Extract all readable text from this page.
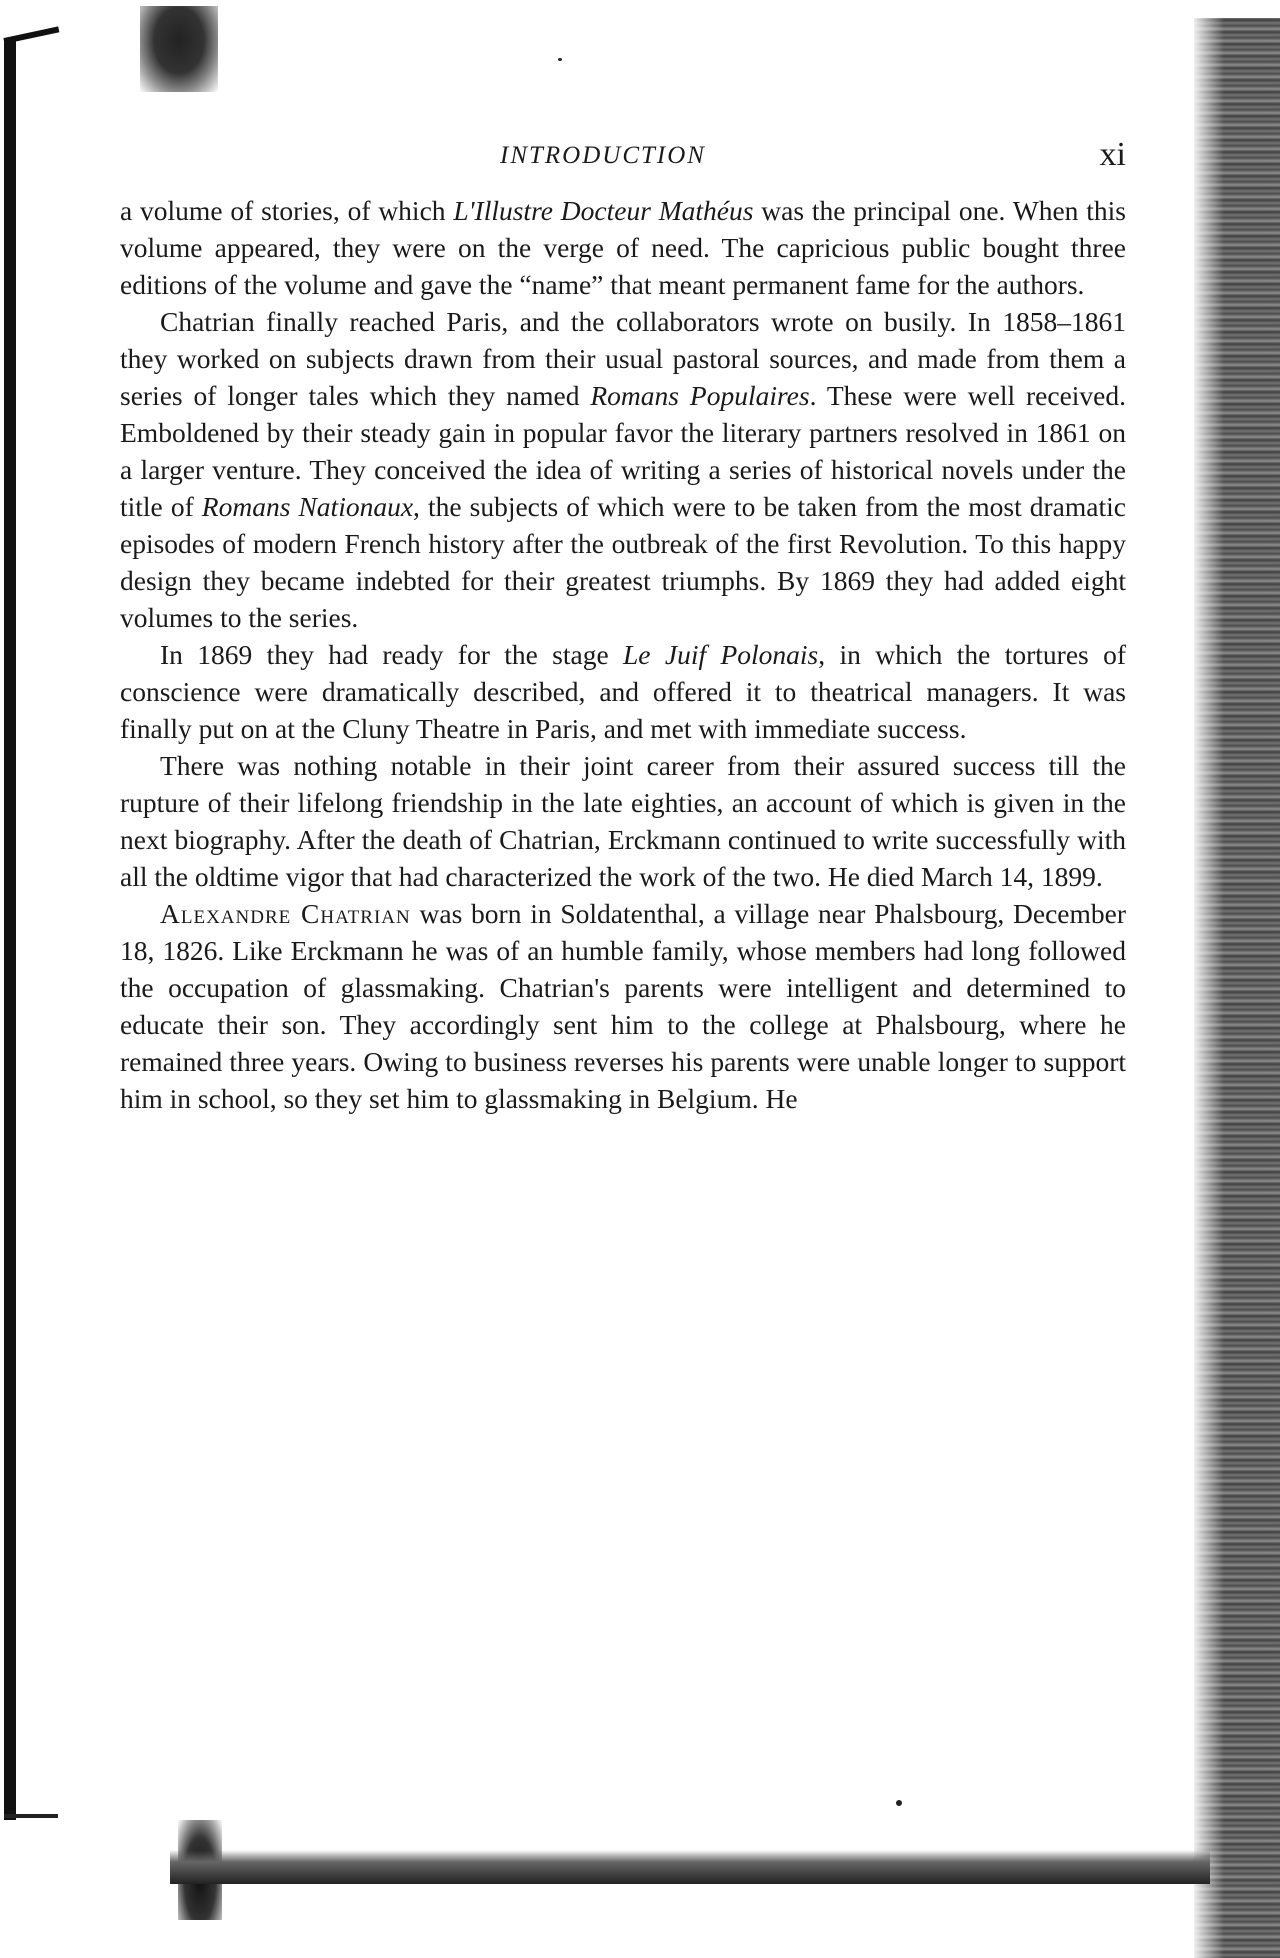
INTRODUCTION	xi

a volume of stories, of which L'Illustre Docteur Mathéus was the principal one. When this volume appeared, they were on the verge of need. The capricious public bought three editions of the volume and gave the “name” that meant permanent fame for the authors.

Chatrian finally reached Paris, and the collaborators wrote on busily. In 1858–1861 they worked on subjects drawn from their usual pastoral sources, and made from them a series of longer tales which they named Romans Populaires. These were well received. Emboldened by their steady gain in popular favor the literary partners resolved in 1861 on a larger venture. They conceived the idea of writing a series of historical novels under the title of Romans Nationaux, the subjects of which were to be taken from the most dramatic episodes of modern French history after the outbreak of the first Revolution. To this happy design they became indebted for their greatest triumphs. By 1869 they had added eight volumes to the series.

In 1869 they had ready for the stage Le Juif Polonais, in which the tortures of conscience were dramatically described, and offered it to theatrical managers. It was finally put on at the Cluny Theatre in Paris, and met with immediate success.

There was nothing notable in their joint career from their assured success till the rupture of their lifelong friendship in the late eighties, an account of which is given in the next biography. After the death of Chatrian, Erckmann continued to write successfully with all the oldtime vigor that had characterized the work of the two. He died March 14, 1899.

Alexandre Chatrian was born in Soldatenthal, a village near Phalsbourg, December 18, 1826. Like Erckmann he was of an humble family, whose members had long followed the occupation of glassmaking. Chatrian's parents were intelligent and determined to educate their son. They accordingly sent him to the college at Phalsbourg, where he remained three years. Owing to business reverses his parents were unable longer to support him in school, so they set him to glassmaking in Belgium. He
